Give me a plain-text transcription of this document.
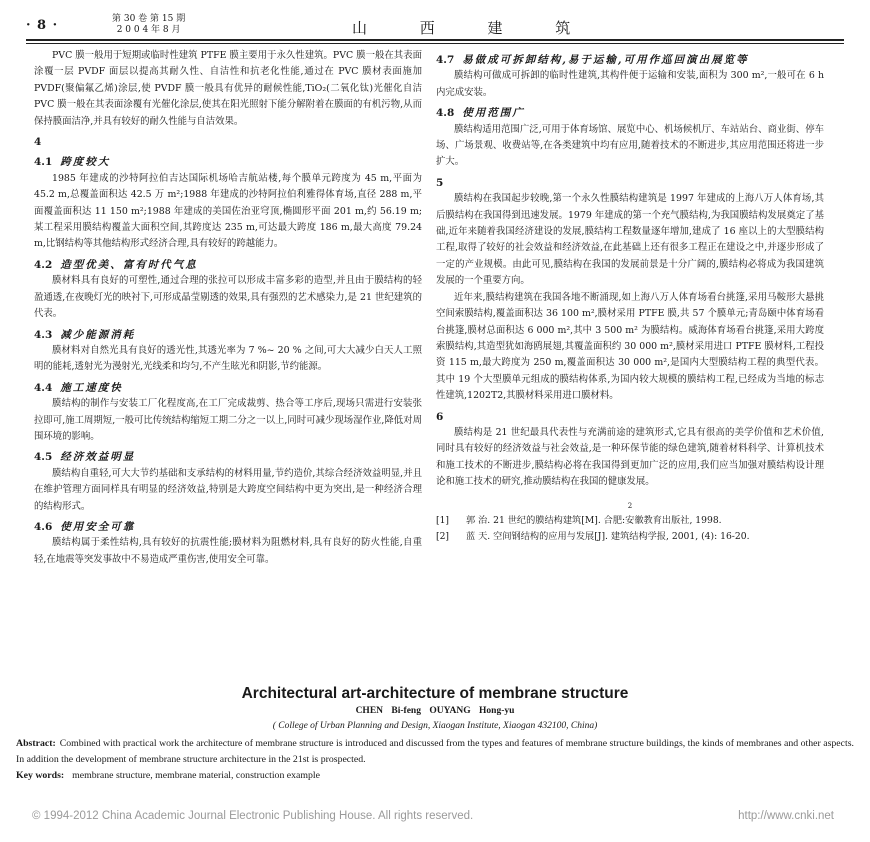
· 8 ·	第 30 卷 第 15 期
2 0 0 4 年 8 月	山 西 建 筑

PVC 膜一般用于短期或临时性建筑 PTFE 膜主要用于永久性建筑。PVC 膜一般在其表面涂覆一层 PVDF 面层以提高其耐久性、自洁性和抗老化性能,通过在 PVC 膜材表面施加 PVDF(聚偏氟乙烯)涂层,使 PVDF 膜一般具有优异的耐候性能,TiO₂(二氧化钛)光催化自洁 PVC 膜一般在其表面涂覆有光催化涂层,使其在阳光照射下能分解附着在膜面的有机污物,从而保持膜面洁净,并具有较好的耐久性能与自洁效果。

4
4.1 跨度较大

1985 年建成的沙特阿拉伯吉达国际机场哈吉航站楼,每个膜单元跨度为 45 m,平面为 45.2 m,总覆盖面积达 42.5 万 m²;1988 年建成的沙特阿拉伯利雅得体育场,直径 288 m,平面覆盖面积达 11 150 m²;1988 年建成的美国佐治亚穹顶,椭圆形平面 201 m,约 56.19 m;某工程采用膜结构覆盖大面积空间,其跨度达 235 m,可达最大跨度 186 m,最大高度 79.24 m,比钢结构等其他结构形式经济合理,具有较好的跨越能力。

4.2 造型优美、富有时代气息

膜材料具有良好的可塑性,通过合理的张拉可以形成丰富多彩的造型,并且由于膜结构的轻盈通透,在夜晚灯光的映衬下,可形成晶莹剔透的效果,具有强烈的艺术感染力,是 21 世纪建筑的代表。

4.3 减少能源消耗

膜材料对自然光具有良好的透光性,其透光率为 7 %~ 20 % 之间,可大大减少白天人工照明的能耗,透射光为漫射光,光线柔和均匀,不产生眩光和阴影,节约能源。

4.4 施工速度快

膜结构的制作与安装工厂化程度高,在工厂完成裁剪、热合等工序后,现场只需进行安装张拉即可,施工周期短,一般可比传统结构缩短工期二分之一以上,同时可减少现场湿作业,降低对周围环境的影响。

4.5 经济效益明显

膜结构自重轻,可大大节约基础和支承结构的材料用量,节约造价,其综合经济效益明显,并且在维护管理方面同样具有明显的经济效益,特别是大跨度空间结构中更为突出,是一种经济合理的结构形式。

4.6 使用安全可靠

膜结构属于柔性结构,具有较好的抗震性能;膜材料为阻燃材料,具有良好的防火性能,自重轻,在地震等突发事故中不易造成严重伤害,使用安全可靠。

4.7 易做成可拆卸结构,易于运输,可用作巡回演出展览等

膜结构可做成可拆卸的临时性建筑,其构件便于运输和安装,面积为 300 m²,一般可在 6 h 内完成安装。

4.8 使用范围广

膜结构适用范围广泛,可用于体育场馆、展览中心、机场候机厅、车站站台、商业街、停车场、广场景观、收费站等,在各类建筑中均有应用,随着技术的不断进步,其应用范围还将进一步扩大。

5

膜结构在我国起步较晚,第一个永久性膜结构建筑是 1997 年建成的上海八万人体育场,其后膜结构在我国得到迅速发展。1979 年建成的第一个充气膜结构,为我国膜结构发展奠定了基础,近年来随着我国经济建设的发展,膜结构工程数量逐年增加,建成了 16 座以上的大型膜结构工程,取得了较好的社会效益和经济效益,在此基础上还有很多工程正在建设之中,并逐步形成了一定的产业规模。由此可见,膜结构在我国的发展前景是十分广阔的,膜结构必将成为我国建筑发展的一个重要方向。

近年来,膜结构建筑在我国各地不断涌现,如上海八万人体育场看台挑篷,采用马鞍形大悬挑空间索膜结构,覆盖面积达 36 100 m²,膜材采用 PTFE 膜,共 57 个膜单元;青岛颐中体育场看台挑篷,膜材总面积达 6 000 m²,其中 3 500 m² 为膜结构。威海体育场看台挑篷,采用大跨度索膜结构,其造型犹如海鸥展翅,其覆盖面积约 30 000 m²,膜材采用进口 PTFE 膜材料,工程投资 115 m,最大跨度为 250 m,覆盖面积达 30 000 m²,是国内大型膜结构工程的典型代表。其中 19 个大型膜单元组成的膜结构体系,为国内较大规模的膜结构工程,已经成为当地的标志性建筑,1202T2,其膜材料采用进口膜材料。

6

膜结构是 21 世纪最具代表性与充满前途的建筑形式,它具有很高的美学价值和艺术价值,同时具有较好的经济效益与社会效益,是一种环保节能的绿色建筑,随着材料科学、计算机技术和施工技术的不断进步,膜结构必将在我国得到更加广泛的应用,我们应当加强对膜结构设计理论和施工技术的研究,推动膜结构在我国的健康发展。

2
[1]	郭 治. 21 世纪的膜结构建筑[M]. 合肥:安徽教育出版社, 1998.
[2]	蓝 天. 空间钢结构的应用与发展[J]. 建筑结构学报, 2001, (4): 16-20.
Architectural art-architecture of membrane structure
CHEN Bi-feng OUYANG Hong-yu
( College of Urban Planning and Design, Xiaogan Institute, Xiaogan 432100, China)
Abstract: Combined with practical work the architecture of membrane structure is introduced and discussed from the types and features of membrane structure buildings, the kinds of membranes and other aspects. In addition the development of membrane structure architecture in the 21st is prospected.
Key words: membrane structure, membrane material, construction example
© 1994-2012 China Academic Journal Electronic Publishing House. All rights reserved.	http://www.cnki.net
